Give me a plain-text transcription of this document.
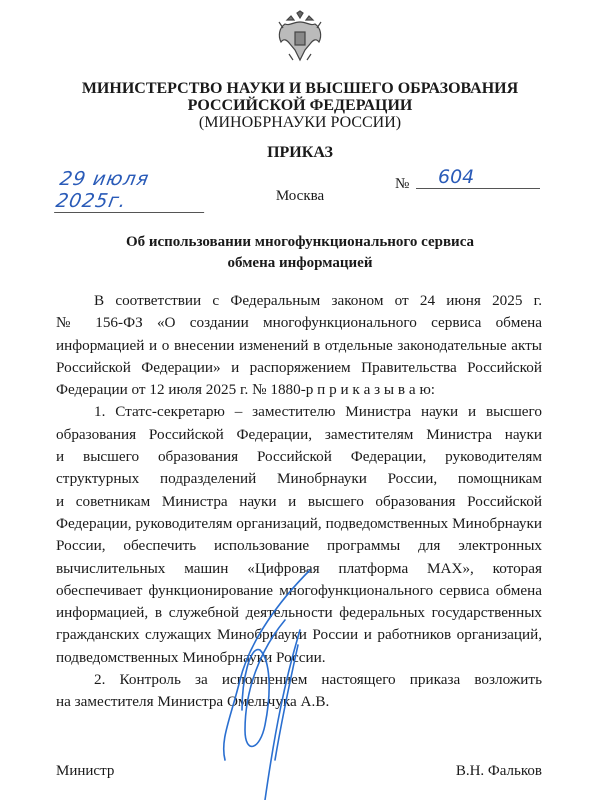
МИНИСТЕРСТВО НАУКИ И ВЫСШЕГО ОБРАЗОВАНИЯ
РОССИЙСКОЙ ФЕДЕРАЦИИ
(МИНОБРНАУКИ РОССИИ)
ПРИКАЗ
29 июля 2025г.
№	604
Москва
Об использовании многофункционального сервиса
обмена информацией
В соответствии с Федеральным законом от 24 июня 2025 г.
№ 156-ФЗ «О создании многофункционального сервиса обмена
информацией и о внесении изменений в отдельные законодательные акты
Российской Федерации» и распоряжением Правительства Российской
Федерации от 12 июля 2025 г. № 1880-р п р и к а з ы в а ю:
1. Статс-секретарю – заместителю Министра науки и высшего
образования Российской Федерации, заместителям Министра науки
и высшего образования Российской Федерации, руководителям
структурных подразделений Минобрнауки России, помощникам
и советникам Министра науки и высшего образования Российской
Федерации, руководителям организаций, подведомственных Минобрнауки
России, обеспечить использование программы для электронных
вычислительных машин «Цифровая платформа МАХ», которая
обеспечивает функционирование многофункционального сервиса обмена
информацией, в служебной деятельности федеральных государственных
гражданских служащих Минобрнауки России и работников организаций,
подведомственных Минобрнауки России.
2. Контроль за исполнением настоящего приказа возложить
на заместителя Министра Омельчука А.В.
Министр	В.Н. Фальков
